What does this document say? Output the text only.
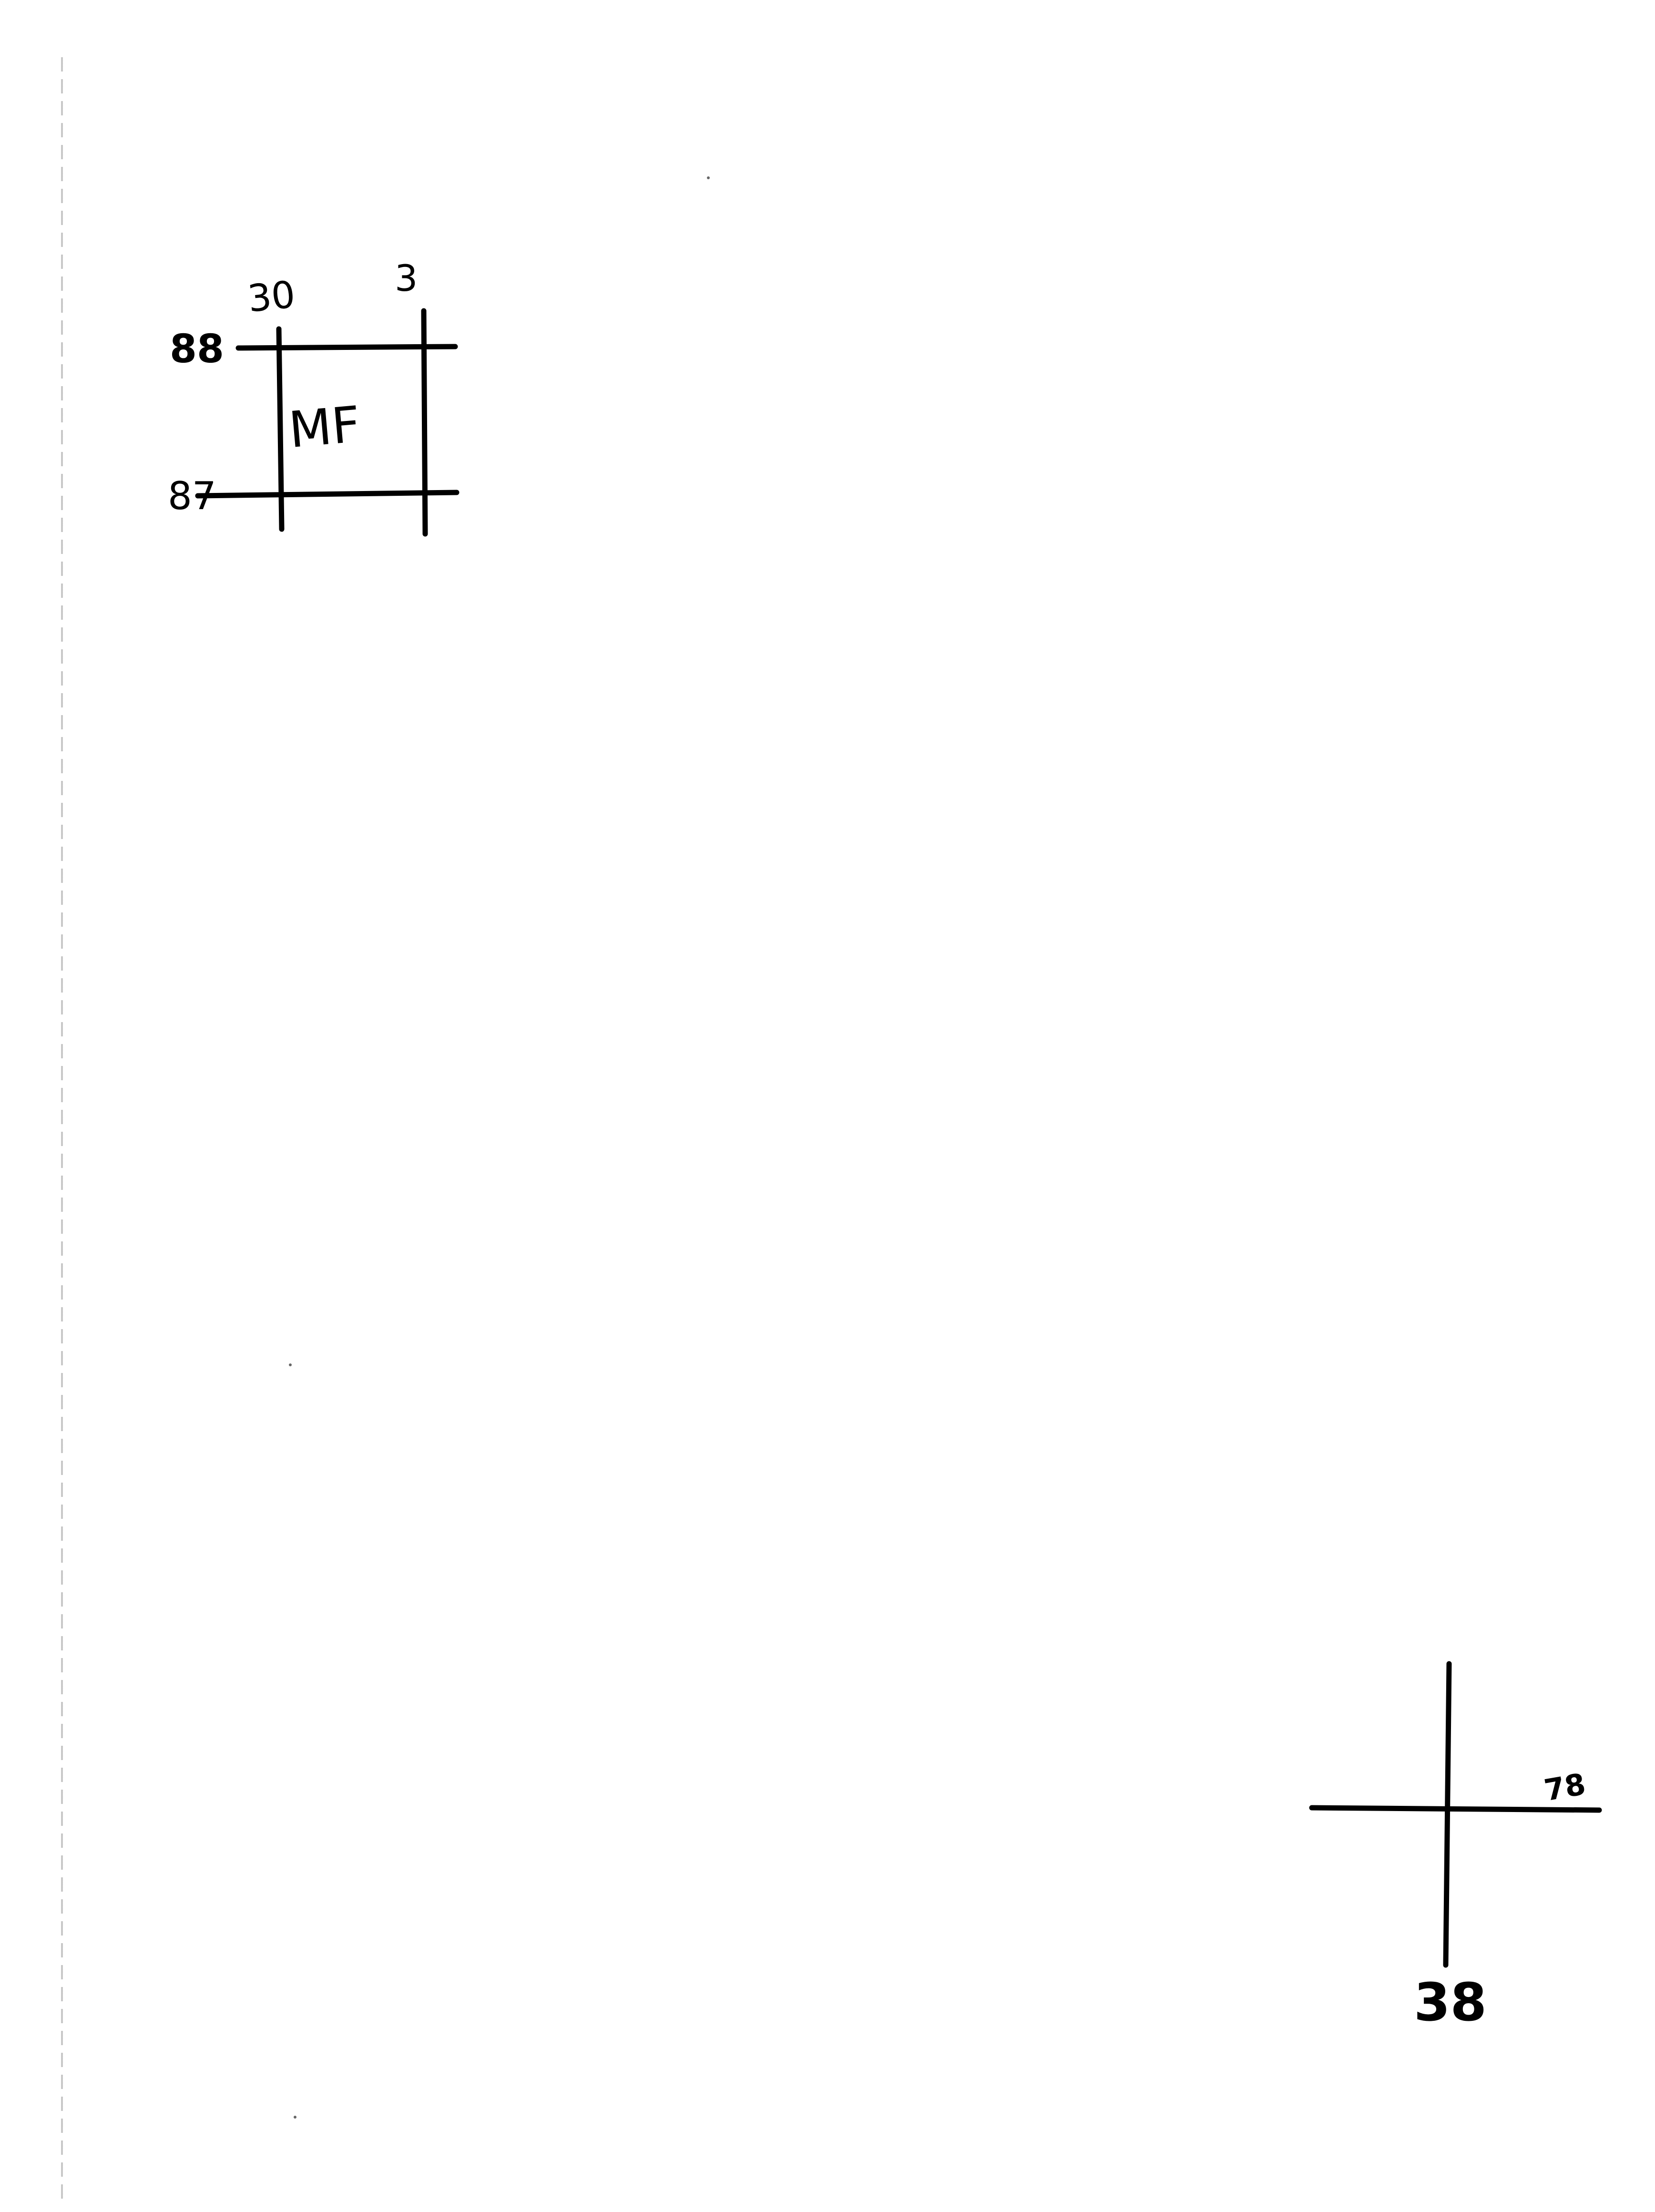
30	3
88
87
MF
38
78
